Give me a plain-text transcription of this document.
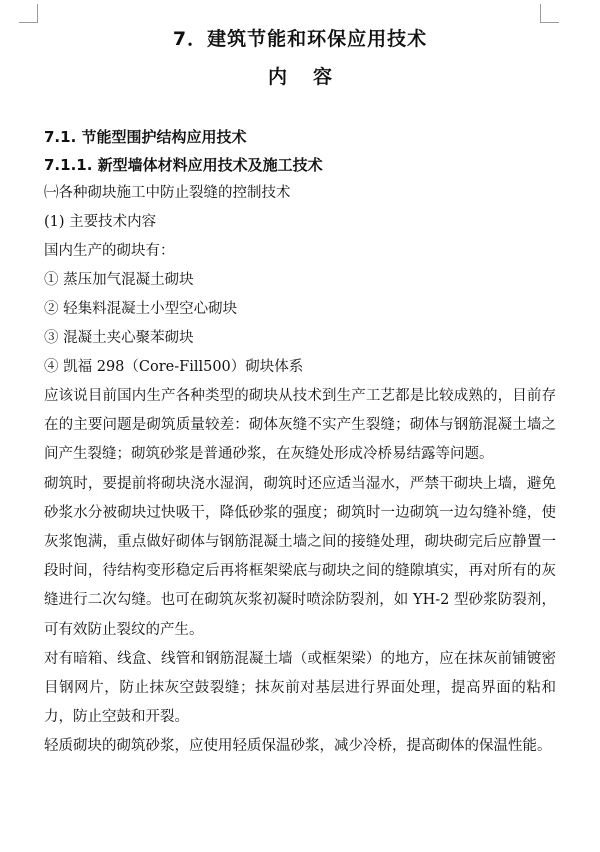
7．建筑节能和环保应用技术
内容
7.1. 节能型围护结构应用技术
7.1.1. 新型墙体材料应用技术及施工技术
㈠各种砌块施工中防止裂缝的控制技术
(1) 主要技术内容
国内生产的砌块有：
① 蒸压加气混凝土砌块
② 轻集料混凝土小型空心砌块
③ 混凝土夹心聚苯砌块
④ 凯福 298（Core-Fill500）砌块体系

应该说目前国内生产各种类型的砌块从技术到生产工艺都是比较成熟的，目前存在的主要问题是砌筑质量较差：砌体灰缝不实产生裂缝；砌体与钢筋混凝土墙之间产生裂缝；砌筑砂浆是普通砂浆，在灰缝处形成冷桥易结露等问题。

砌筑时，要提前将砌块浇水湿润，砌筑时还应适当湿水，严禁干砌块上墙，避免砂浆水分被砌块过快吸干，降低砂浆的强度；砌筑时一边砌筑一边勾缝补缝，使灰浆饱满，重点做好砌体与钢筋混凝土墙之间的接缝处理，砌块砌完后应静置一段时间，待结构变形稳定后再将框架梁底与砌块之间的缝隙填实，再对所有的灰缝进行二次勾缝。也可在砌筑灰浆初凝时喷涂防裂剂，如 YH-2 型砂浆防裂剂，可有效防止裂纹的产生。

对有暗箱、线盒、线管和钢筋混凝土墙（或框架梁）的地方，应在抹灰前铺镀密目钢网片，防止抹灰空鼓裂缝；抹灰前对基层进行界面处理，提高界面的粘和力，防止空鼓和开裂。

轻质砌块的砌筑砂浆，应使用轻质保温砂浆，减少冷桥，提高砌体的保温性能。
